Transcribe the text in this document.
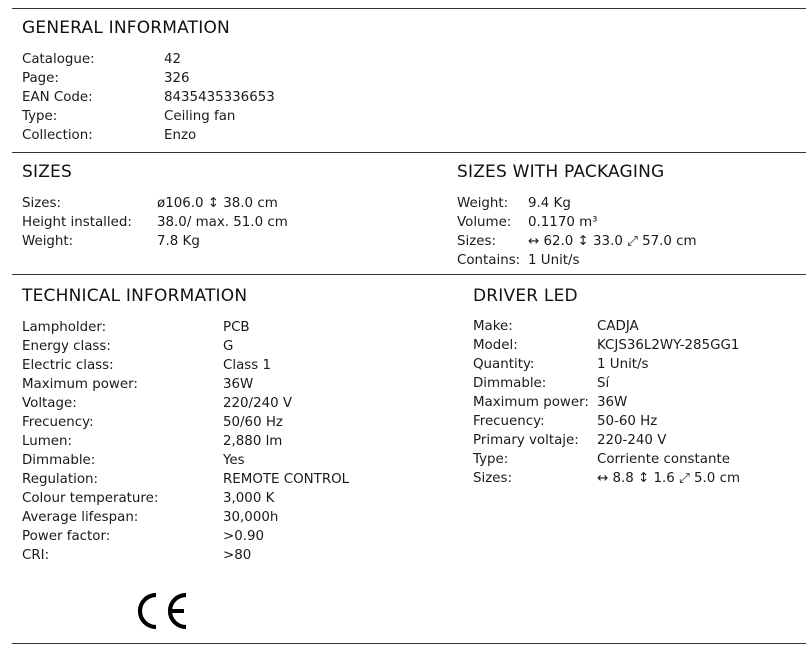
GENERAL INFORMATION
Catalogue:	42
Page:	326
EAN Code:	8435435336653
Type:	Ceiling fan
Collection:	Enzo
SIZES
Sizes:	ø106.0 ↕ 38.0 cm
Height installed:	38.0/ max. 51.0 cm
Weight:	7.8 Kg
SIZES WITH PACKAGING
Weight:	9.4 Kg
Volume:	0.1170 m³
Sizes:	↔ 62.0 ↕ 33.0 ⤢ 57.0 cm
Contains: 1 Unit/s
TECHNICAL INFORMATION
Lampholder:	PCB
Energy class:	G
Electric class:	Class 1
Maximum power:	36W
Voltage:	220/240 V
Frecuency:	50/60 Hz
Lumen:	2,880 lm
Dimmable:	Yes
Regulation:	REMOTE CONTROL
Colour temperature:	3,000 K
Average lifespan:	30,000h
Power factor:	>0.90
CRI:	>80
DRIVER LED
Make:	CADJA
Model:	KCJS36L2WY-285GG1
Quantity:	1 Unit/s
Dimmable:	Sí
Maximum power: 36W
Frecuency:	50-60 Hz
Primary voltaje:	220-240 V
Type:	Corriente constante
Sizes:	↔ 8.8 ↕ 1.6 ⤢ 5.0 cm
